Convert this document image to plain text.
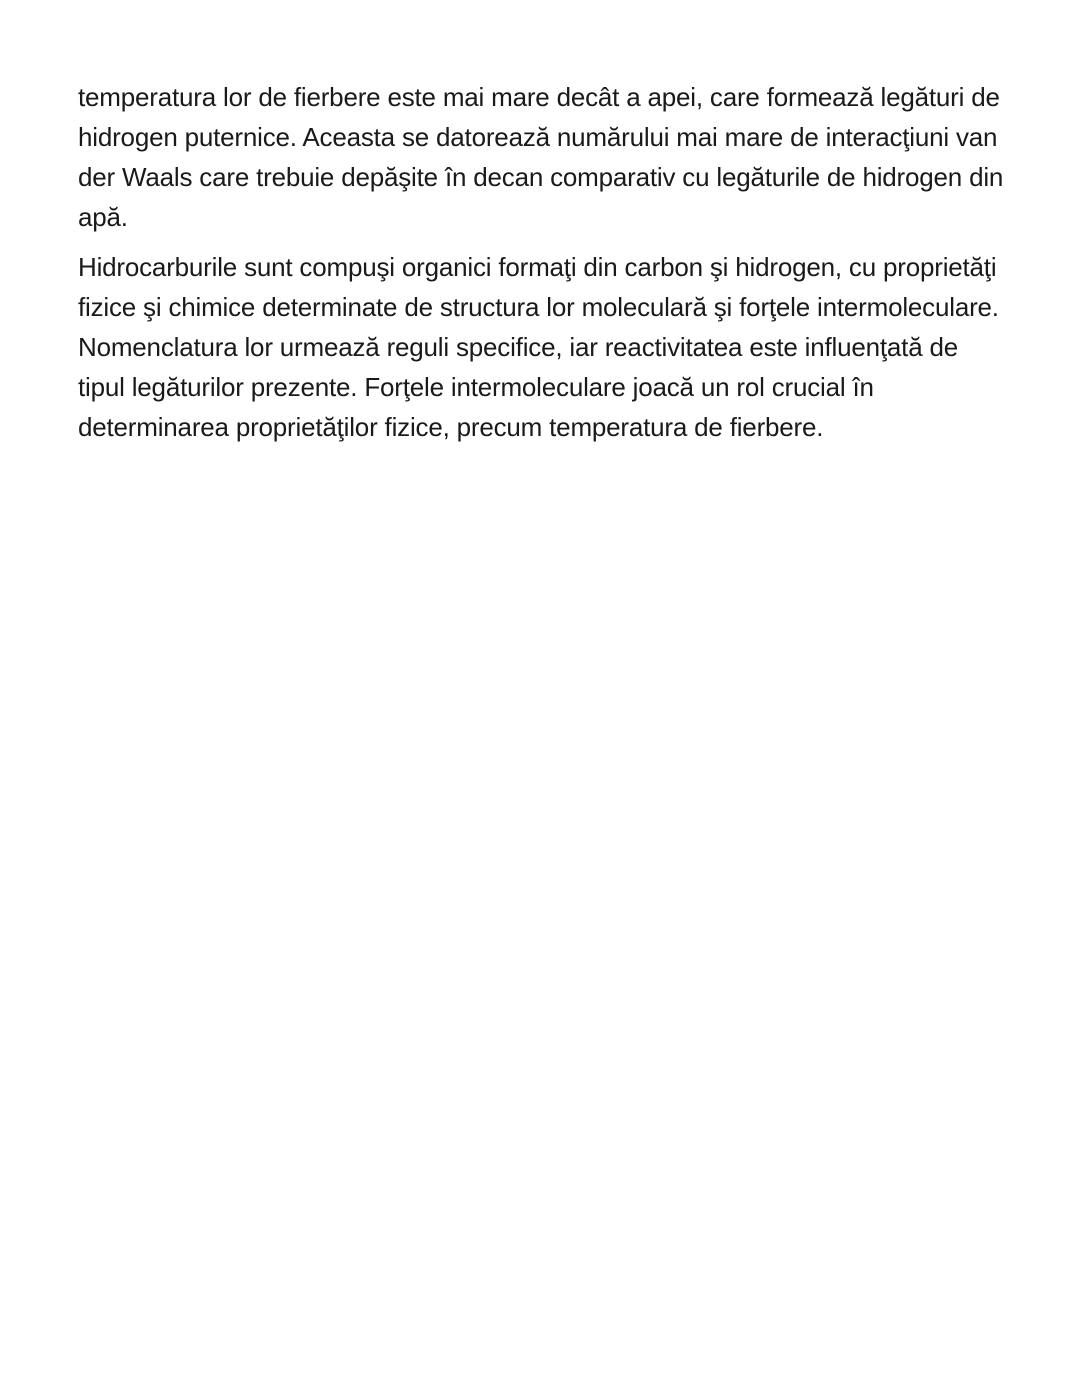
temperatura lor de fierbere este mai mare decât a apei, care formează legături de hidrogen puternice. Aceasta se datorează numărului mai mare de interacţiuni van der Waals care trebuie depăşite în decan comparativ cu legăturile de hidrogen din apă.

Hidrocarburile sunt compuşi organici formaţi din carbon şi hidrogen, cu proprietăţi fizice şi chimice determinate de structura lor moleculară şi forţele intermoleculare. Nomenclatura lor urmează reguli specifice, iar reactivitatea este influenţată de tipul legăturilor prezente. Forţele intermoleculare joacă un rol crucial în determinarea proprietăţilor fizice, precum temperatura de fierbere.
